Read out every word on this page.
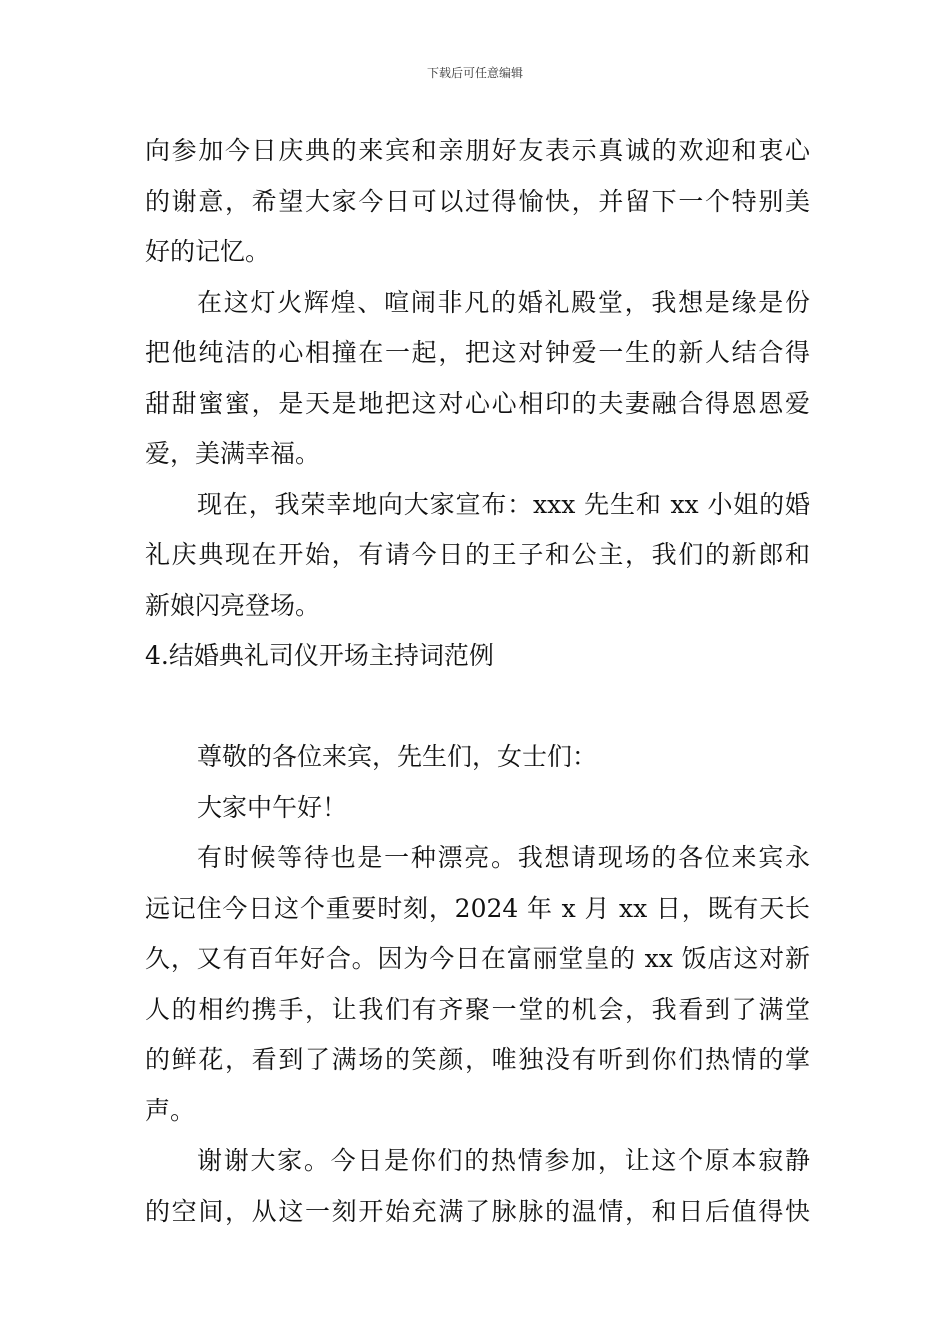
下载后可任意编辑
向参加今日庆典的来宾和亲朋好友表示真诚的欢迎和衷心
的谢意，希望大家今日可以过得愉快，并留下一个特别美
好的记忆。
在这灯火辉煌、喧闹非凡的婚礼殿堂，我想是缘是份
把他纯洁的心相撞在一起，把这对钟爱一生的新人结合得
甜甜蜜蜜，是天是地把这对心心相印的夫妻融合得恩恩爱
爱，美满幸福。
现在，我荣幸地向大家宣布：xxx 先生和 xx 小姐的婚
礼庆典现在开始，有请今日的王子和公主，我们的新郎和
新娘闪亮登场。
4.结婚典礼司仪开场主持词范例
尊敬的各位来宾，先生们，女士们：
大家中午好！
有时候等待也是一种漂亮。我想请现场的各位来宾永
远记住今日这个重要时刻，2024 年 x 月 xx 日，既有天长
久，又有百年好合。因为今日在富丽堂皇的 xx 饭店这对新
人的相约携手，让我们有齐聚一堂的机会，我看到了满堂
的鲜花，看到了满场的笑颜，唯独没有听到你们热情的掌
声。
谢谢大家。今日是你们的热情参加，让这个原本寂静
的空间，从这一刻开始充满了脉脉的温情，和日后值得快
